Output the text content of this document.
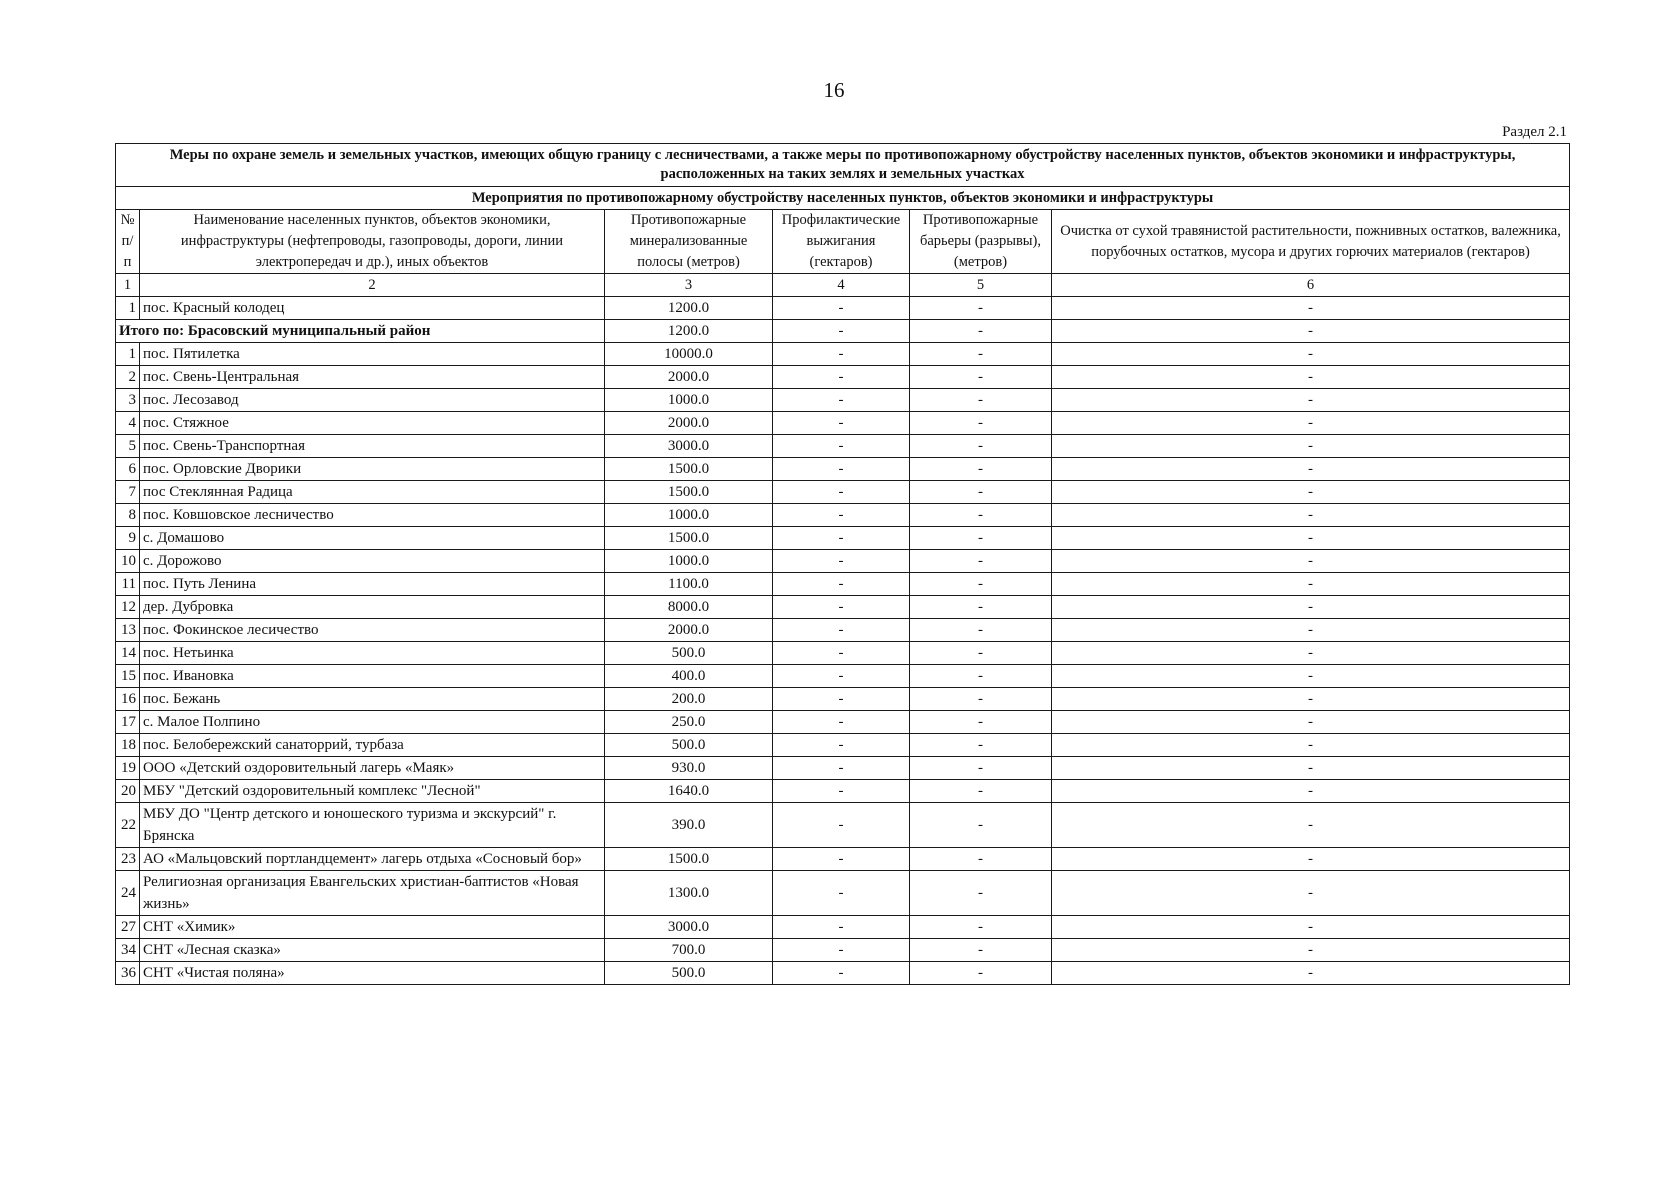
16
Раздел 2.1
Меры по охране земель и земельных участков, имеющих общую границу с лесничествами, а также меры по противопожарному обустройству населенных пунктов, объектов экономики и инфраструктуры, расположенных на таких землях и земельных участках					
Мероприятия по противопожарному обустройству населенных пунктов, объектов экономики и инфраструктуры					
№ п/п	Наименование населенных пунктов, объектов экономики, инфраструктуры (нефтепроводы, газопроводы, дороги, линии электропередач и др.), иных объектов	Противопожарные минерализованные полосы (метров)	Профилактические выжигания (гектаров)	Противопожарные барьеры (разрывы), (метров)	Очистка от сухой травянистой растительности, пожнивных остатков, валежника, порубочных остатков, мусора и других горючих материалов (гектаров)
1	2	3	4	5	6
1	пос. Красный колодец	1200.0	-	-	-
Итого по: Брасовский муниципальный район		1200.0	-	-	-
1	пос. Пятилетка	10000.0	-	-	-
2	пос. Свень-Центральная	2000.0	-	-	-
3	пос. Лесозавод	1000.0	-	-	-
4	пос. Стяжное	2000.0	-	-	-
5	пос. Свень-Транспортная	3000.0	-	-	-
6	пос. Орловские Дворики	1500.0	-	-	-
7	пос Стеклянная Радица	1500.0	-	-	-
8	пос. Ковшовское лесничество	1000.0	-	-	-
9	с. Домашово	1500.0	-	-	-
10	с. Дорожово	1000.0	-	-	-
11	пос. Путь Ленина	1100.0	-	-	-
12	дер. Дубровка	8000.0	-	-	-
13	пос. Фокинское лесичество	2000.0	-	-	-
14	пос. Нетьинка	500.0	-	-	-
15	пос. Ивановка	400.0	-	-	-
16	пос. Бежань	200.0	-	-	-
17	с. Малое Полпино	250.0	-	-	-
18	пос. Белобережский санаторрий, турбаза	500.0	-	-	-
19	ООО «Детский оздоровительный лагерь «Маяк»	930.0	-	-	-
20	МБУ "Детский оздоровительный комплекс "Лесной"	1640.0	-	-	-
22	МБУ ДО "Центр детского и юношеского туризма и экскурсий" г. Брянска	390.0	-	-	-
23	АО «Мальцовский портландцемент» лагерь отдыха «Сосновый бор»	1500.0	-	-	-
24	Религиозная организация Евангельских христиан-баптистов «Новая жизнь»	1300.0	-	-	-
27	СНТ «Химик»	3000.0	-	-	-
34	СНТ «Лесная сказка»	700.0	-	-	-
36	СНТ «Чистая поляна»	500.0	-	-	-
